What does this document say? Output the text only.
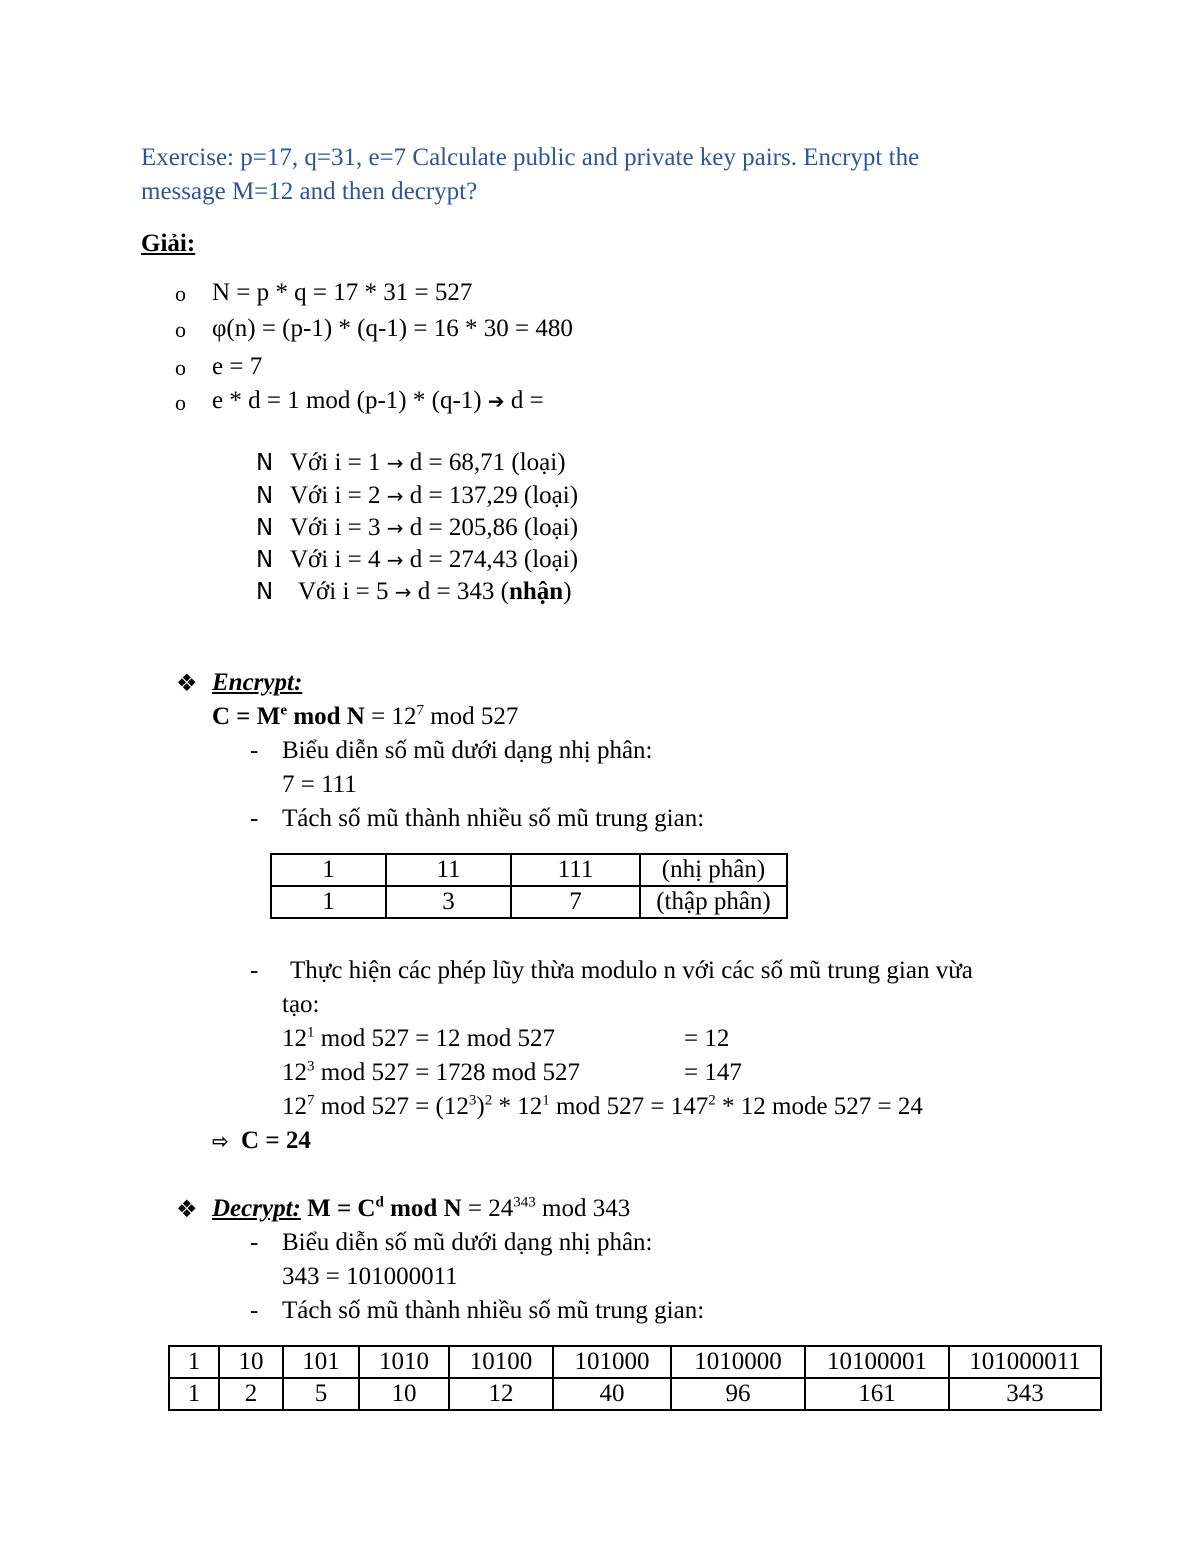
Exercise: p=17, q=31, e=7 Calculate public and private key pairs. Encrypt the
message M=12 and then decrypt?
Giải:
o N = p * q = 17 * 31 = 527
o φ(n) = (p-1) * (q-1) = 16 * 30 = 480
o e = 7
o e * d = 1 mod (p-1) * (q-1) ➔ d =
N Với i = 1 → d = 68,71 (loại)
N Với i = 2 → d = 137,29 (loại)
N Với i = 3 → d = 205,86 (loại)
N Với i = 4 → d = 274,43 (loại)
N Với i = 5 → d = 343 (nhận)
❖ Encrypt:
$C = M^e$ mod $N = 12^7$ mod 527
- Biểu diễn số mũ dưới dạng nhị phân:
7 = 111
- Tách số mũ thành nhiều số mũ trung gian:
1	11	111	(nhị phân)
1	3	7	(thập phân)
- Thực hiện các phép lũy thừa modulo n với các số mũ trung gian vừa
tạo:
$12^1$ mod 527 = 12 mod 527	= 12
$12^3$ mod 527 = 1728 mod 527	= 147
$12^7$ mod $527 = (12^3)^2 * 12^1$ mod $527 = 147^2 * 12$ mode 527 = 24
⇨ C = 24
❖ Decrypt: $M = C^d$ mod $N = 24^{343}$ mod 343
- Biểu diễn số mũ dưới dạng nhị phân:
343 = 101000011
- Tách số mũ thành nhiều số mũ trung gian:
1	10	101	1010	10100	101000	1010000	10100001	101000011
1	2	5	10	12	40	96	161	343
